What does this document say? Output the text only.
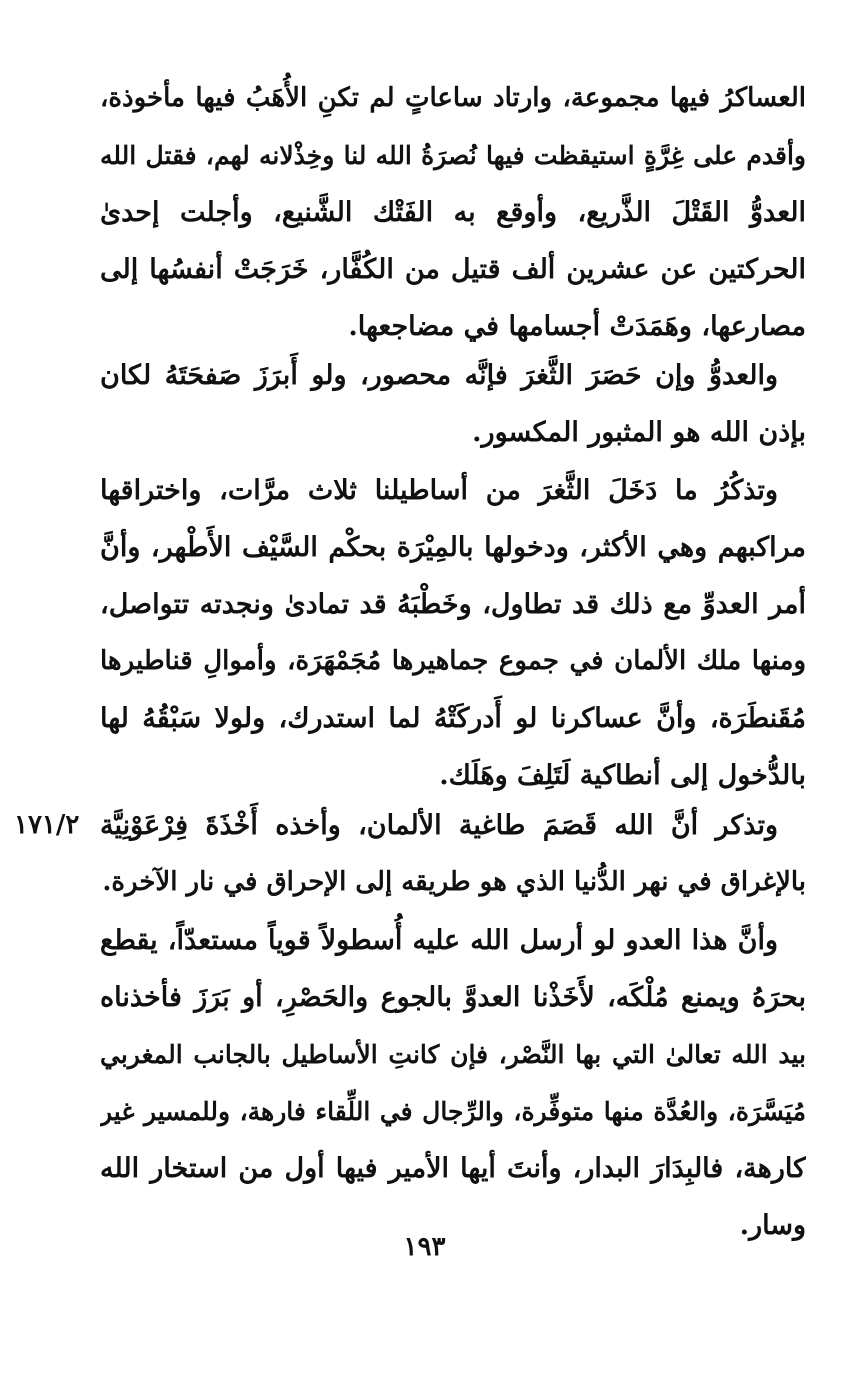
العساكرُ فيها مجموعة، وارتاد ساعاتٍ لم تكنِ الأُهَبُ فيها مأخوذة،
وأقدم على غِرَّةٍ استيقظت فيها نُصرَةُ الله لنا وخِذْلانه لهم، فقتل الله
العدوُّ القَتْلَ الذَّريع، وأوقع به الفَتْك الشَّنيع، وأجلت إحدىٰ
الحركتين عن عشرين ألف قتيل من الكُفَّار، خَرَجَتْ أنفسُها إلى
مصارعها، وهَمَدَتْ أجسامها في مضاجعها.
والعدوُّ وإن حَصَرَ الثَّغرَ فإنَّه محصور، ولو أَبرَزَ صَفحَتَهُ لكان
بإذن الله هو المثبور المكسور.
وتذكُرُ ما دَخَلَ الثَّغرَ من أساطيلنا ثلاث مرَّات، واختراقها
مراكبهم وهي الأكثر، ودخولها بالمِيْرَة بحكْم السَّيْف الأَطْهر، وأنَّ
أمر العدوِّ مع ذلك قد تطاول، وخَطْبَهُ قد تمادىٰ ونجدته تتواصل،
ومنها ملك الألمان في جموع جماهيرها مُجَمْهَرَة، وأموالِ قناطيرها
مُقَنطَرَة، وأنَّ عساكرنا لو أَدركَتْهُ لما استدرك، ولولا سَبْقُهُ لها
بالدُّخول إلى أنطاكية لَتَلِفَ وهَلَك.
وتذكر أنَّ الله قَصَمَ طاغية الألمان، وأخذه أَخْذَةَ فِرْعَوْنِيَّة
بالإغراق في نهر الدُّنيا الذي هو طريقه إلى الإحراق في نار الآخرة.
١٧١/٢
وأنَّ هذا العدو لو أرسل الله عليه أُسطولاً قوياً مستعدّاً، يقطع
بحرَهُ ويمنع مُلْكَه، لأَخَذْنا العدوَّ بالجوع والحَصْرِ، أو بَرَزَ فأخذناه
بيد الله تعالىٰ التي بها النَّصْر، فإن كانتِ الأساطيل بالجانب المغربي
مُيَسَّرَة، والعُدَّة منها متوفِّرة، والرِّجال في اللِّقاء فارهة، وللمسير غير
كارهة، فالبِدَارَ البدار، وأنتَ أيها الأمير فيها أول من استخار الله
وسار.
١٩٣
